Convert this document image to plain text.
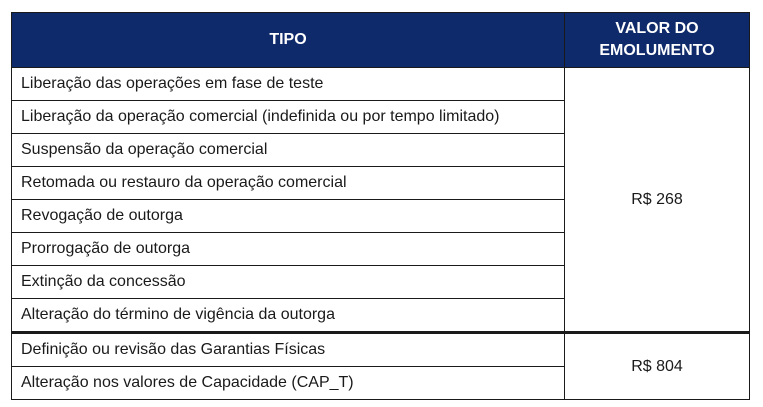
TIPO	VALOR DO
EMOLUMENTO

Liberação das operações em fase de teste	R$ 268
Liberação da operação comercial (indefinida ou por tempo limitado)	
Suspensão da operação comercial	
Retomada ou restauro da operação comercial	
Revogação de outorga	
Prorrogação de outorga	
Extinção da concessão	
Alteração do término de vigência da outorga	
Definição ou revisão das Garantias Físicas	R$ 804
Alteração nos valores de Capacidade (CAP_T)	
